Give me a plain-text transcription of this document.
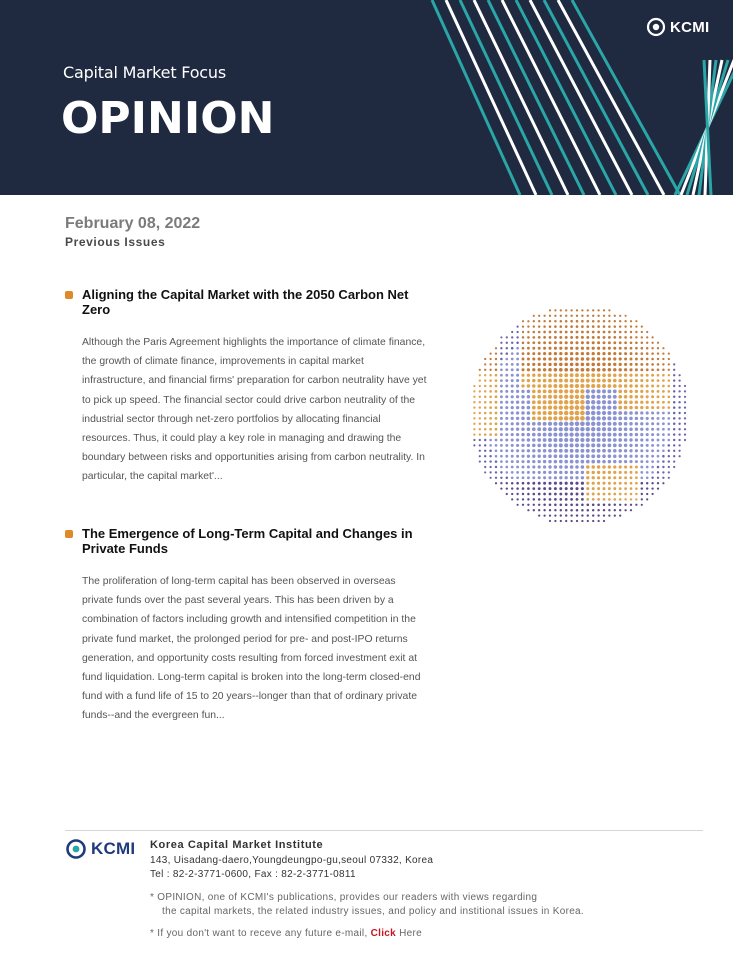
Capital Market Focus
OPINION
KCMI
February 08, 2022
Previous Issues
Aligning the Capital Market with the 2050 Carbon Net Zero
Although the Paris Agreement highlights the importance of climate finance, the growth of climate finance, improvements in capital market infrastructure, and financial firms' preparation for carbon neutrality have yet to pick up speed. The financial sector could drive carbon neutrality of the industrial sector through net-zero portfolios by allocating financial resources. Thus, it could play a key role in managing and drawing the boundary between risks and opportunities arising from carbon neutrality. In particular, the capital market'...
The Emergence of Long-Term Capital and Changes in Private Funds
The proliferation of long-term capital has been observed in overseas private funds over the past several years. This has been driven by a combination of factors including growth and intensified competition in the private fund market, the prolonged period for pre- and post-IPO returns generation, and opportunity costs resulting from forced investment exit at fund liquidation. Long-term capital is broken into the long-term closed-end fund with a fund life of 15 to 20 years--longer than that of ordinary private funds--and the evergreen fun...
KCMI Korea Capital Market Institute
143, Uisadang-daero,Youngdeungpo-gu,seoul 07332, Korea
Tel : 82-2-3771-0600, Fax : 82-2-3771-0811
* OPINION, one of KCMI's publications, provides our readers with views regarding
the capital markets, the related industry issues, and policy and institional issues in Korea.
* If you don't want to receve any future e-mail, Click Here
